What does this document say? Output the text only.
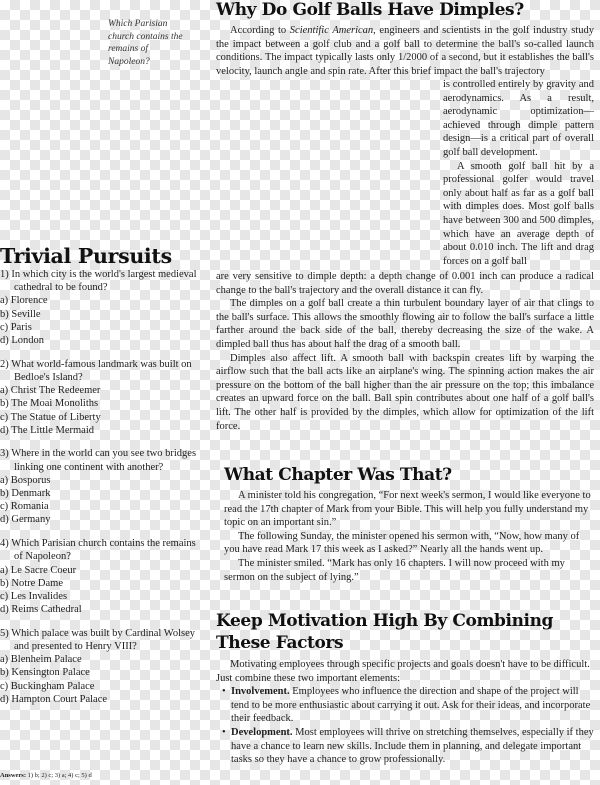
Which Parisian church contains the remains of Napoleon?
Trivial Pursuits
1) In which city is the world's largest medieval cathedral to be found?
a) Florence
b) Seville
c) Paris
d) London
2) What world-famous landmark was built on Bedloe's Island?
a) Christ The Redeemer
b) The Moai Monoliths
c) The Statue of Liberty
d) The Little Mermaid
3) Where in the world can you see two bridges linking one continent with another?
a) Bosporus
b) Denmark
c) Romania
d) Germany
4) Which Parisian church contains the remains of Napoleon?
a) Le Sacre Coeur
b) Notre Dame
c) Les Invalides
d) Reims Cathedral
5) Which palace was built by Cardinal Wolsey and presented to Henry VIII?
a) Blenheim Palace
b) Kensington Palace
c) Buckingham Palace
d) Hampton Court Palace
Answers: 1) b; 2) c; 3) a; 4) c; 5) d
Why Do Golf Balls Have Dimples?

According to Scientific American, engineers and scientists in the golf industry study the impact between a golf club and a golf ball to determine the ball's so-called launch conditions. The impact typically lasts only 1/2000 of a second, but it establishes the ball's velocity, launch angle and spin rate. After this brief impact the ball's trajectory

is controlled entirely by gravity and aerodynamics. As a result, aerodynamic optimization—achieved through dimple pattern design—is a critical part of overall golf ball development.

A smooth golf ball hit by a professional golfer would travel only about half as far as a golf ball with dimples does. Most golf balls have between 300 and 500 dimples, which have an average depth of about 0.010 inch. The lift and drag forces on a golf ball

are very sensitive to dimple depth: a depth change of 0.001 inch can produce a radical change to the ball's trajectory and the overall distance it can fly.

The dimples on a golf ball create a thin turbulent boundary layer of air that clings to the ball's surface. This allows the smoothly flowing air to follow the ball's surface a little farther around the back side of the ball, thereby decreasing the size of the wake. A dimpled ball thus has about half the drag of a smooth ball.

Dimples also affect lift. A smooth ball with backspin creates lift by warping the airflow such that the ball acts like an airplane's wing. The spinning action makes the air pressure on the bottom of the ball higher than the air pressure on the top; this imbalance creates an upward force on the ball. Ball spin contributes about one half of a golf ball's lift. The other half is provided by the dimples, which allow for optimization of the lift force.

What Chapter Was That?

A minister told his congregation, “For next week's sermon, I would like everyone to read the 17th chapter of Mark from your Bible. This will help you fully understand my topic on an important sin.”

The following Sunday, the minister opened his sermon with, “Now, how many of you have read Mark 17 this week as I asked?” Nearly all the hands went up.

The minister smiled. “Mark has only 16 chapters. I will now proceed with my sermon on the subject of lying.”

Keep Motivation High By Combining These Factors

Motivating employees through specific projects and goals doesn't have to be difficult. Just combine these two important elements:

• Involvement. Employees who influence the direction and shape of the project will tend to be more enthusiastic about carrying it out. Ask for their ideas, and incorporate their feedback.
• Development. Most employees will thrive on stretching themselves, especially if they have a chance to learn new skills. Include them in planning, and delegate important tasks so they have a chance to grow professionally.
